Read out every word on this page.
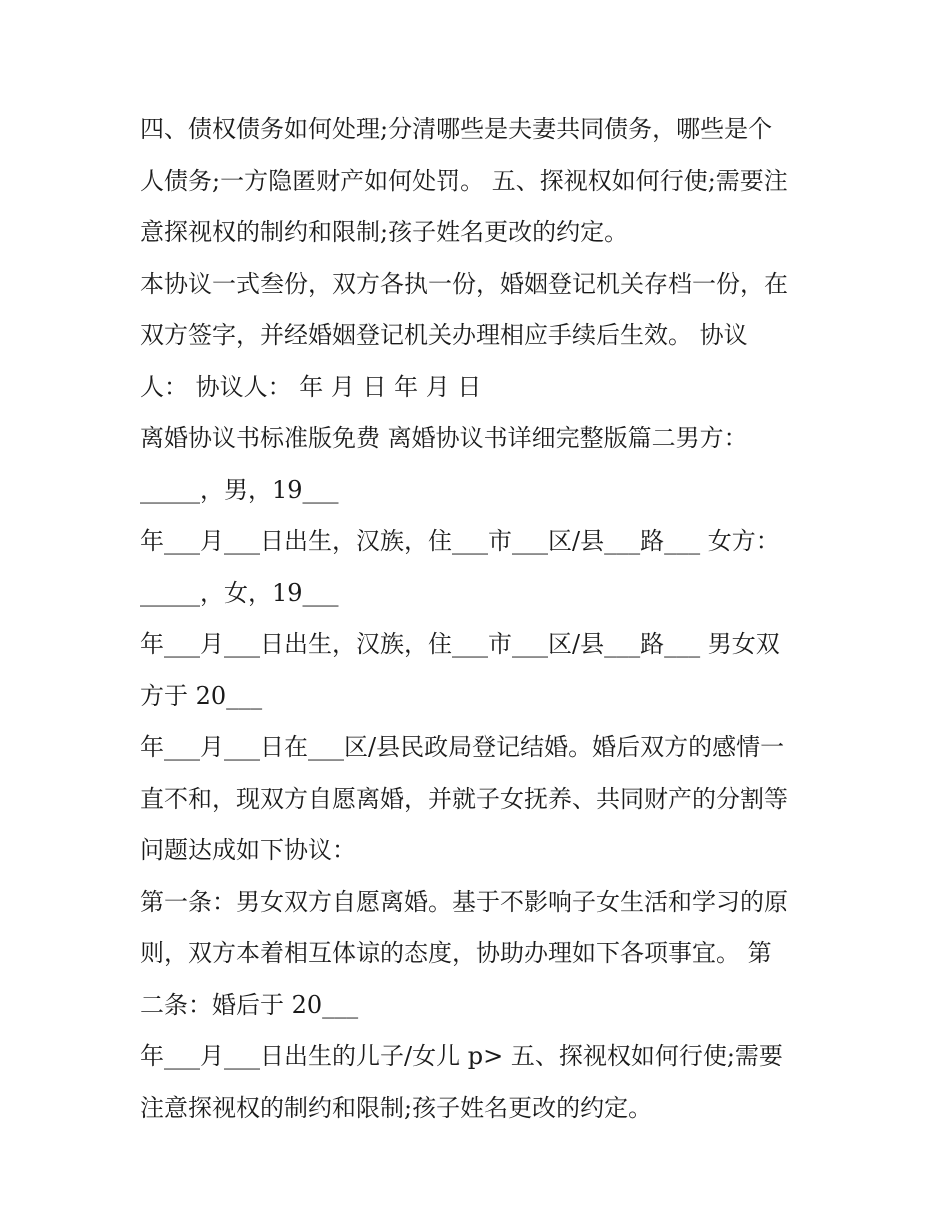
四、债权债务如何处理;分清哪些是夫妻共同债务，哪些是个
人债务;一方隐匿财产如何处罚。 五、探视权如何行使;需要注
意探视权的制约和限制;孩子姓名更改的约定。
本协议一式叁份，双方各执一份，婚姻登记机关存档一份，在
双方签字，并经婚姻登记机关办理相应手续后生效。 协议
人： 协议人： 年 月 日 年 月 日
离婚协议书标准版免费 离婚协议书详细完整版篇二男方：
_____，男，19___
年___月___日出生，汉族，住___市___区/县___路___ 女方：
_____，女，19___
年___月___日出生，汉族，住___市___区/县___路___ 男女双
方于 20___
年___月___日在___区/县民政局登记结婚。婚后双方的感情一
直不和，现双方自愿离婚，并就子女抚养、共同财产的分割等
问题达成如下协议：
第一条：男女双方自愿离婚。基于不影响子女生活和学习的原
则，双方本着相互体谅的态度，协助办理如下各项事宜。 第
二条：婚后于 20___
年___月___日出生的儿子/女儿 p> 五、探视权如何行使;需要
注意探视权的制约和限制;孩子姓名更改的约定。
